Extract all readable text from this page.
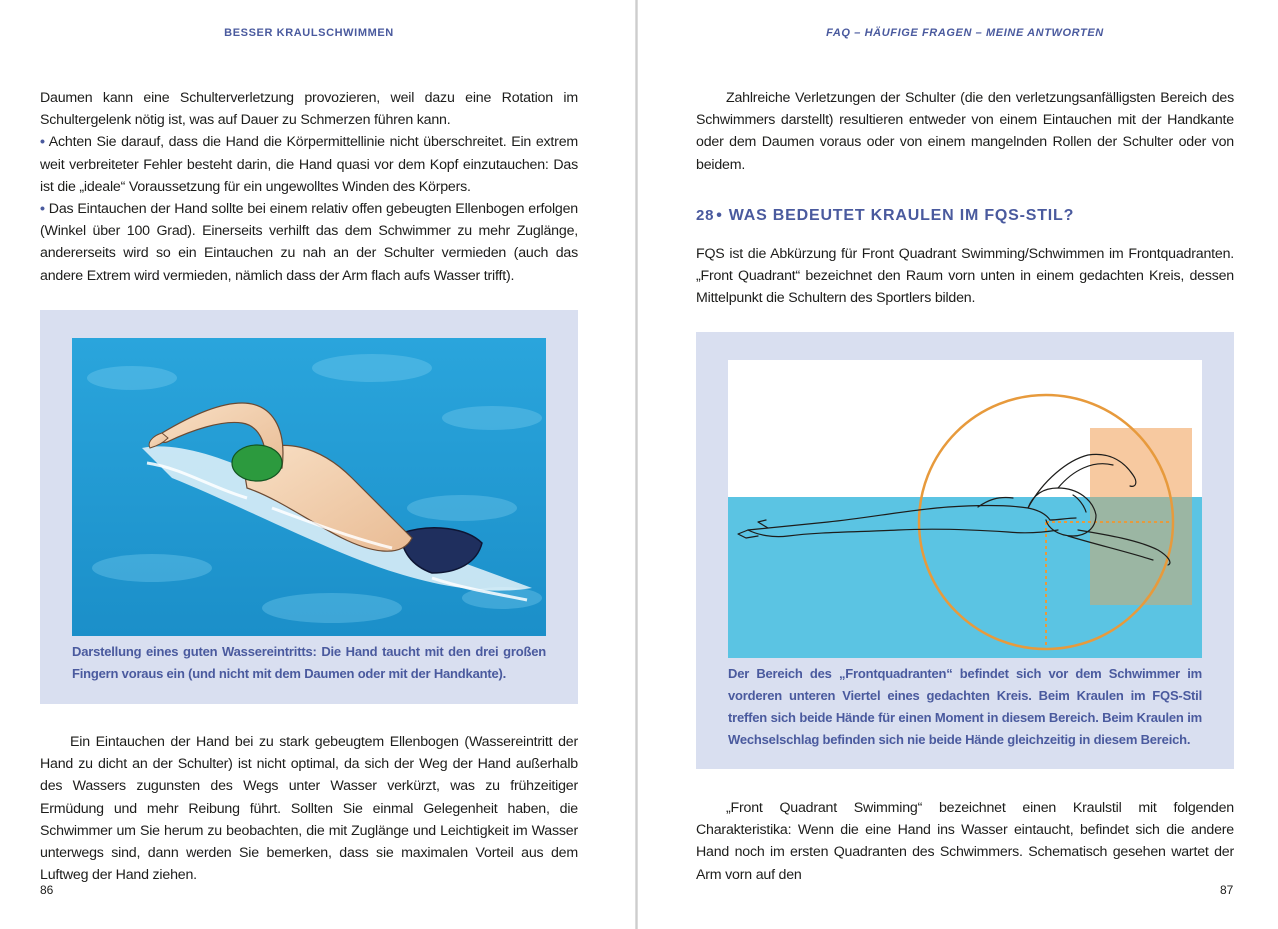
BESSER KRAULSCHWIMMEN

Daumen kann eine Schulterverletzung provozieren, weil dazu eine Rotation im Schultergelenk nötig ist, was auf Dauer zu Schmerzen führen kann.

• Achten Sie darauf, dass die Hand die Körpermittellinie nicht überschreitet. Ein extrem weit verbreiteter Fehler besteht darin, die Hand quasi vor dem Kopf einzutauchen: Das ist die „ideale“ Voraussetzung für ein ungewolltes Winden des Körpers.

• Das Eintauchen der Hand sollte bei einem relativ offen gebeugten Ellenbogen erfolgen (Winkel über 100 Grad). Einerseits verhilft das dem Schwimmer zu mehr Zuglänge, andererseits wird so ein Eintauchen zu nah an der Schulter vermieden (auch das andere Extrem wird vermieden, nämlich dass der Arm flach aufs Wasser trifft).

Darstellung eines guten Wassereintritts: Die Hand taucht mit den drei großen Fingern voraus ein (und nicht mit dem Daumen oder mit der Handkante).

Ein Eintauchen der Hand bei zu stark gebeugtem Ellenbogen (Wassereintritt der Hand zu dicht an der Schulter) ist nicht optimal, da sich der Weg der Hand außerhalb des Wassers zugunsten des Wegs unter Wasser verkürzt, was zu frühzeitiger Ermüdung und mehr Reibung führt. Sollten Sie einmal Gelegenheit haben, die Schwimmer um Sie herum zu beobachten, die mit Zuglänge und Leichtigkeit im Wasser unterwegs sind, dann werden Sie bemerken, dass sie maximalen Vorteil aus dem Luftweg der Hand ziehen.

86
FAQ – HÄUFIGE FRAGEN – MEINE ANTWORTEN

Zahlreiche Verletzungen der Schulter (die den verletzungsanfälligsten Bereich des Schwimmers darstellt) resultieren entweder von einem Eintauchen mit der Handkante oder dem Daumen voraus oder von einem mangelnden Rollen der Schulter oder von beidem.

28 • WAS BEDEUTET KRAULEN IM FQS-STIL?

FQS ist die Abkürzung für Front Quadrant Swimming/Schwimmen im Frontquadranten. „Front Quadrant“ bezeichnet den Raum vorn unten in einem gedachten Kreis, dessen Mittelpunkt die Schultern des Sportlers bilden.

Der Bereich des „Frontquadranten“ befindet sich vor dem Schwimmer im vorderen unteren Viertel eines gedachten Kreis. Beim Kraulen im FQS-Stil treffen sich beide Hände für einen Moment in diesem Bereich. Beim Kraulen im Wechselschlag befinden sich nie beide Hände gleichzeitig in diesem Bereich.

„Front Quadrant Swimming“ bezeichnet einen Kraulstil mit folgenden Charakteristika: Wenn die eine Hand ins Wasser eintaucht, befindet sich die andere Hand noch im ersten Quadranten des Schwimmers. Schematisch gesehen wartet der Arm vorn auf den

87
